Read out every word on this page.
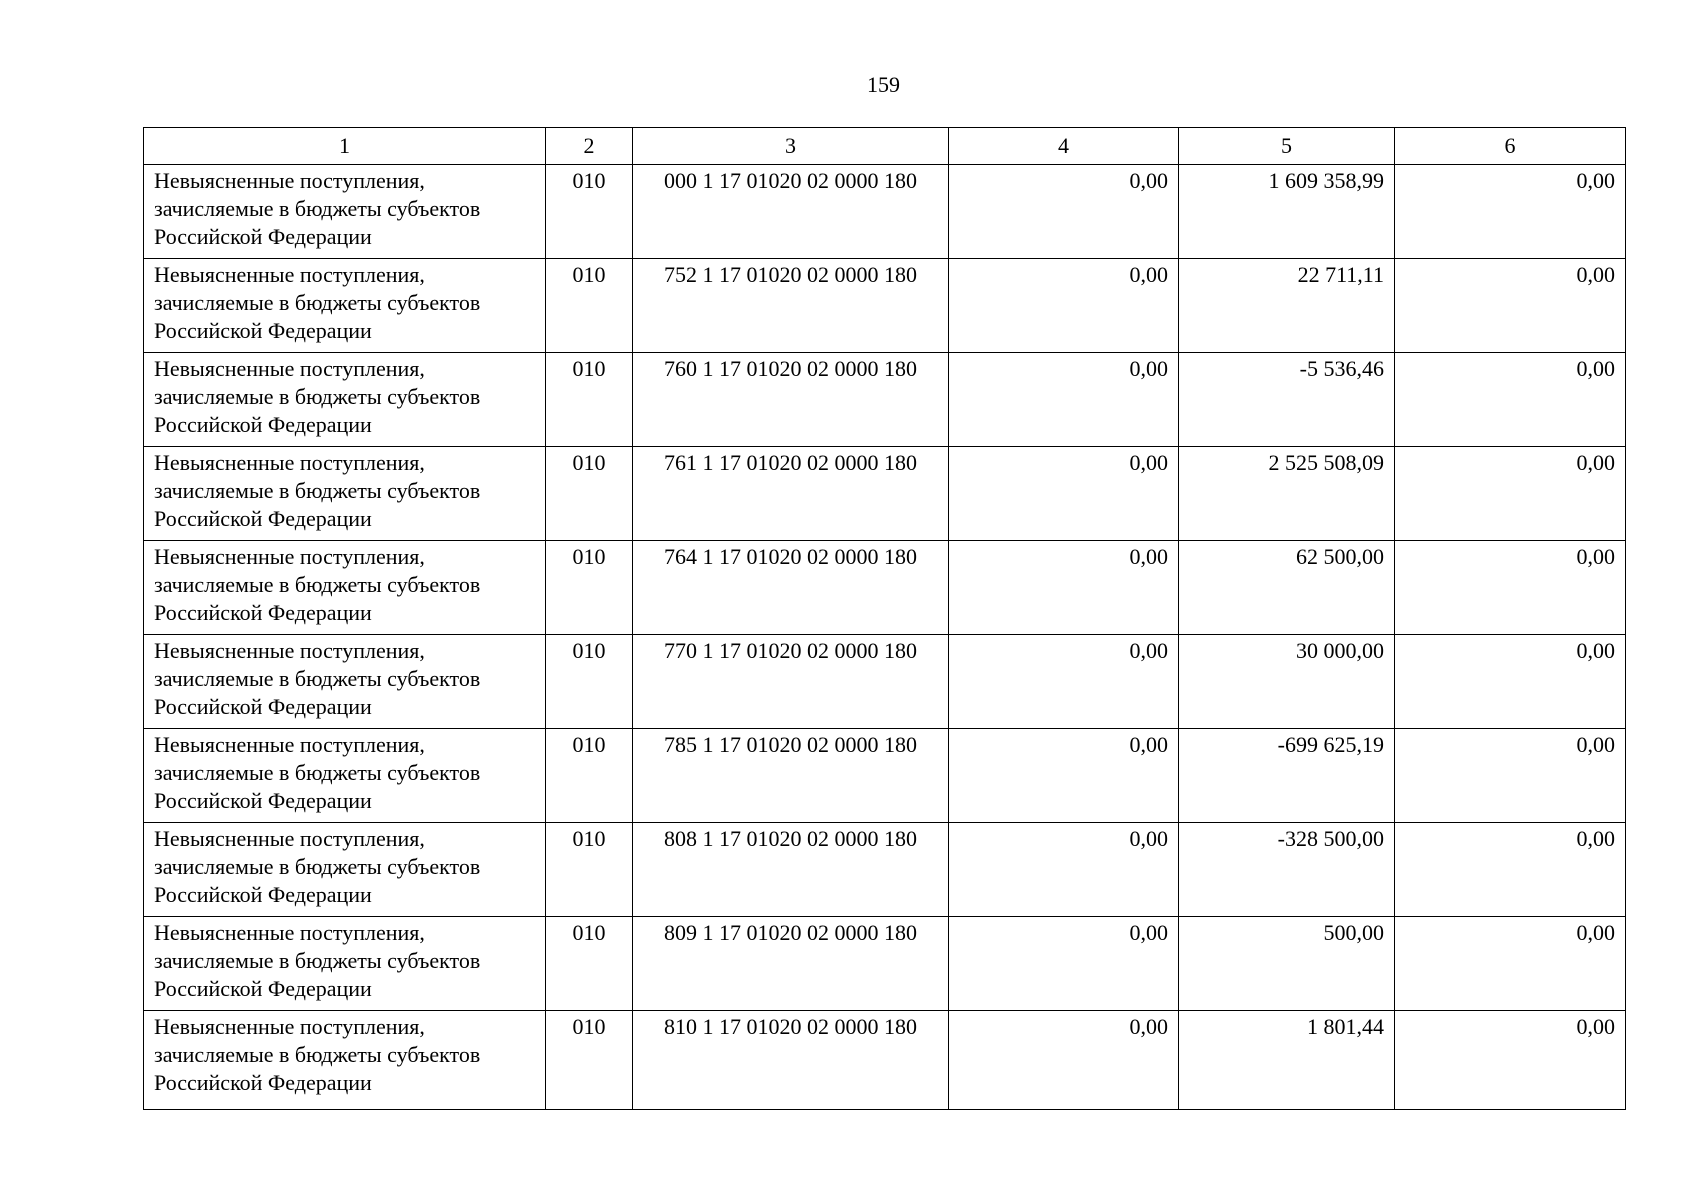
159
1	2	3	4	5	6
Невыясненные поступления, зачисляемые в бюджеты субъектов Российской Федерации	010	000 1 17 01020 02 0000 180	0,00	1 609 358,99	0,00
Невыясненные поступления, зачисляемые в бюджеты субъектов Российской Федерации	010	752 1 17 01020 02 0000 180	0,00	22 711,11	0,00
Невыясненные поступления, зачисляемые в бюджеты субъектов Российской Федерации	010	760 1 17 01020 02 0000 180	0,00	-5 536,46	0,00
Невыясненные поступления, зачисляемые в бюджеты субъектов Российской Федерации	010	761 1 17 01020 02 0000 180	0,00	2 525 508,09	0,00
Невыясненные поступления, зачисляемые в бюджеты субъектов Российской Федерации	010	764 1 17 01020 02 0000 180	0,00	62 500,00	0,00
Невыясненные поступления, зачисляемые в бюджеты субъектов Российской Федерации	010	770 1 17 01020 02 0000 180	0,00	30 000,00	0,00
Невыясненные поступления, зачисляемые в бюджеты субъектов Российской Федерации	010	785 1 17 01020 02 0000 180	0,00	-699 625,19	0,00
Невыясненные поступления, зачисляемые в бюджеты субъектов Российской Федерации	010	808 1 17 01020 02 0000 180	0,00	-328 500,00	0,00
Невыясненные поступления, зачисляемые в бюджеты субъектов Российской Федерации	010	809 1 17 01020 02 0000 180	0,00	500,00	0,00
Невыясненные поступления, зачисляемые в бюджеты субъектов Российской Федерации	010	810 1 17 01020 02 0000 180	0,00	1 801,44	0,00
